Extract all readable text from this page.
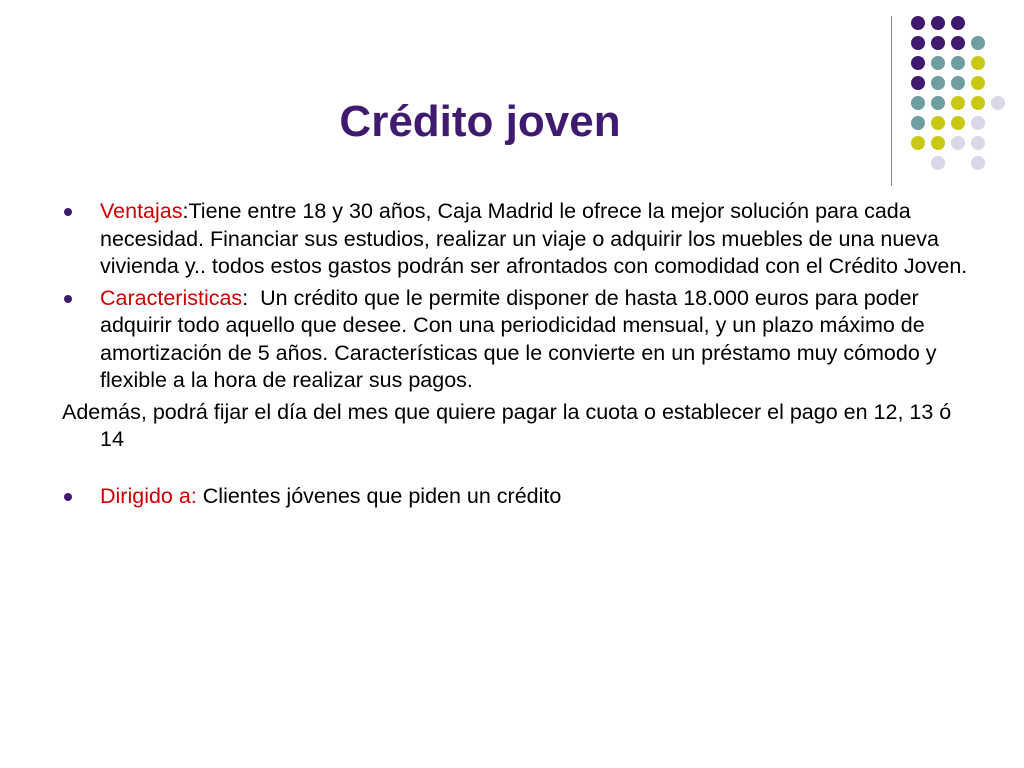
Crédito joven
Ventajas:Tiene entre 18 y 30 años, Caja Madrid le ofrece la mejor solución para cada necesidad. Financiar sus estudios, realizar un viaje o adquirir los muebles de una nueva vivienda y.. todos estos gastos podrán ser afrontados con comodidad con el Crédito Joven.
Caracteristicas:  Un crédito que le permite disponer de hasta 18.000 euros para poder adquirir todo aquello que desee. Con una periodicidad mensual, y un plazo máximo de amortización de 5 años. Características que le convierte en un préstamo muy cómodo y flexible a la hora de realizar sus pagos.

Además, podrá fijar el día del mes que quiere pagar la cuota o establecer el pago en 12, 13 ó 14

Dirigido a: Clientes jóvenes que piden un crédito
